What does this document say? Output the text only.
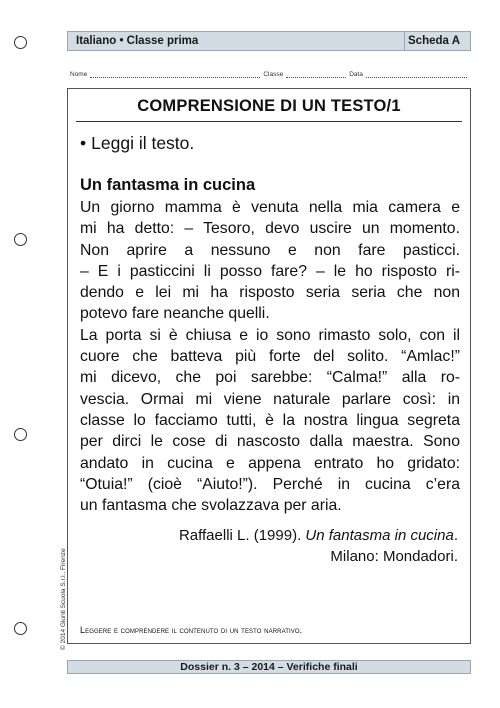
Italiano • Classe prima	Scheda A
Nome	Classe	Data
COMPRENSIONE DI UN TESTO/1
• Leggi il testo.
Un fantasma in cucina
Un giorno mamma è venuta nella mia camera e
mi ha detto: – Tesoro, devo uscire un momento.
Non aprire a nessuno e non fare pasticci.
– E i pasticcini li posso fare? – le ho risposto ri-
dendo e lei mi ha risposto seria seria che non
potevo fare neanche quelli.
La porta si è chiusa e io sono rimasto solo, con il
cuore che batteva più forte del solito. “Amlac!”
mi dicevo, che poi sarebbe: “Calma!” alla ro-
vescia. Ormai mi viene naturale parlare così: in
classe lo facciamo tutti, è la nostra lingua segreta
per dirci le cose di nascosto dalla maestra. Sono
andato in cucina e appena entrato ho gridato:
“Otuia!” (cioè “Aiuto!”). Perché in cucina c’era
un fantasma che svolazzava per aria.
Raffaelli L. (1999). Un fantasma in cucina.
Milano: Mondadori.
Leggere e comprendere il contenuto di un testo narrativo.
Dossier n. 3 – 2014 – Verifiche finali
© 2014 Giunti Scuola S.r.l., Firenze
